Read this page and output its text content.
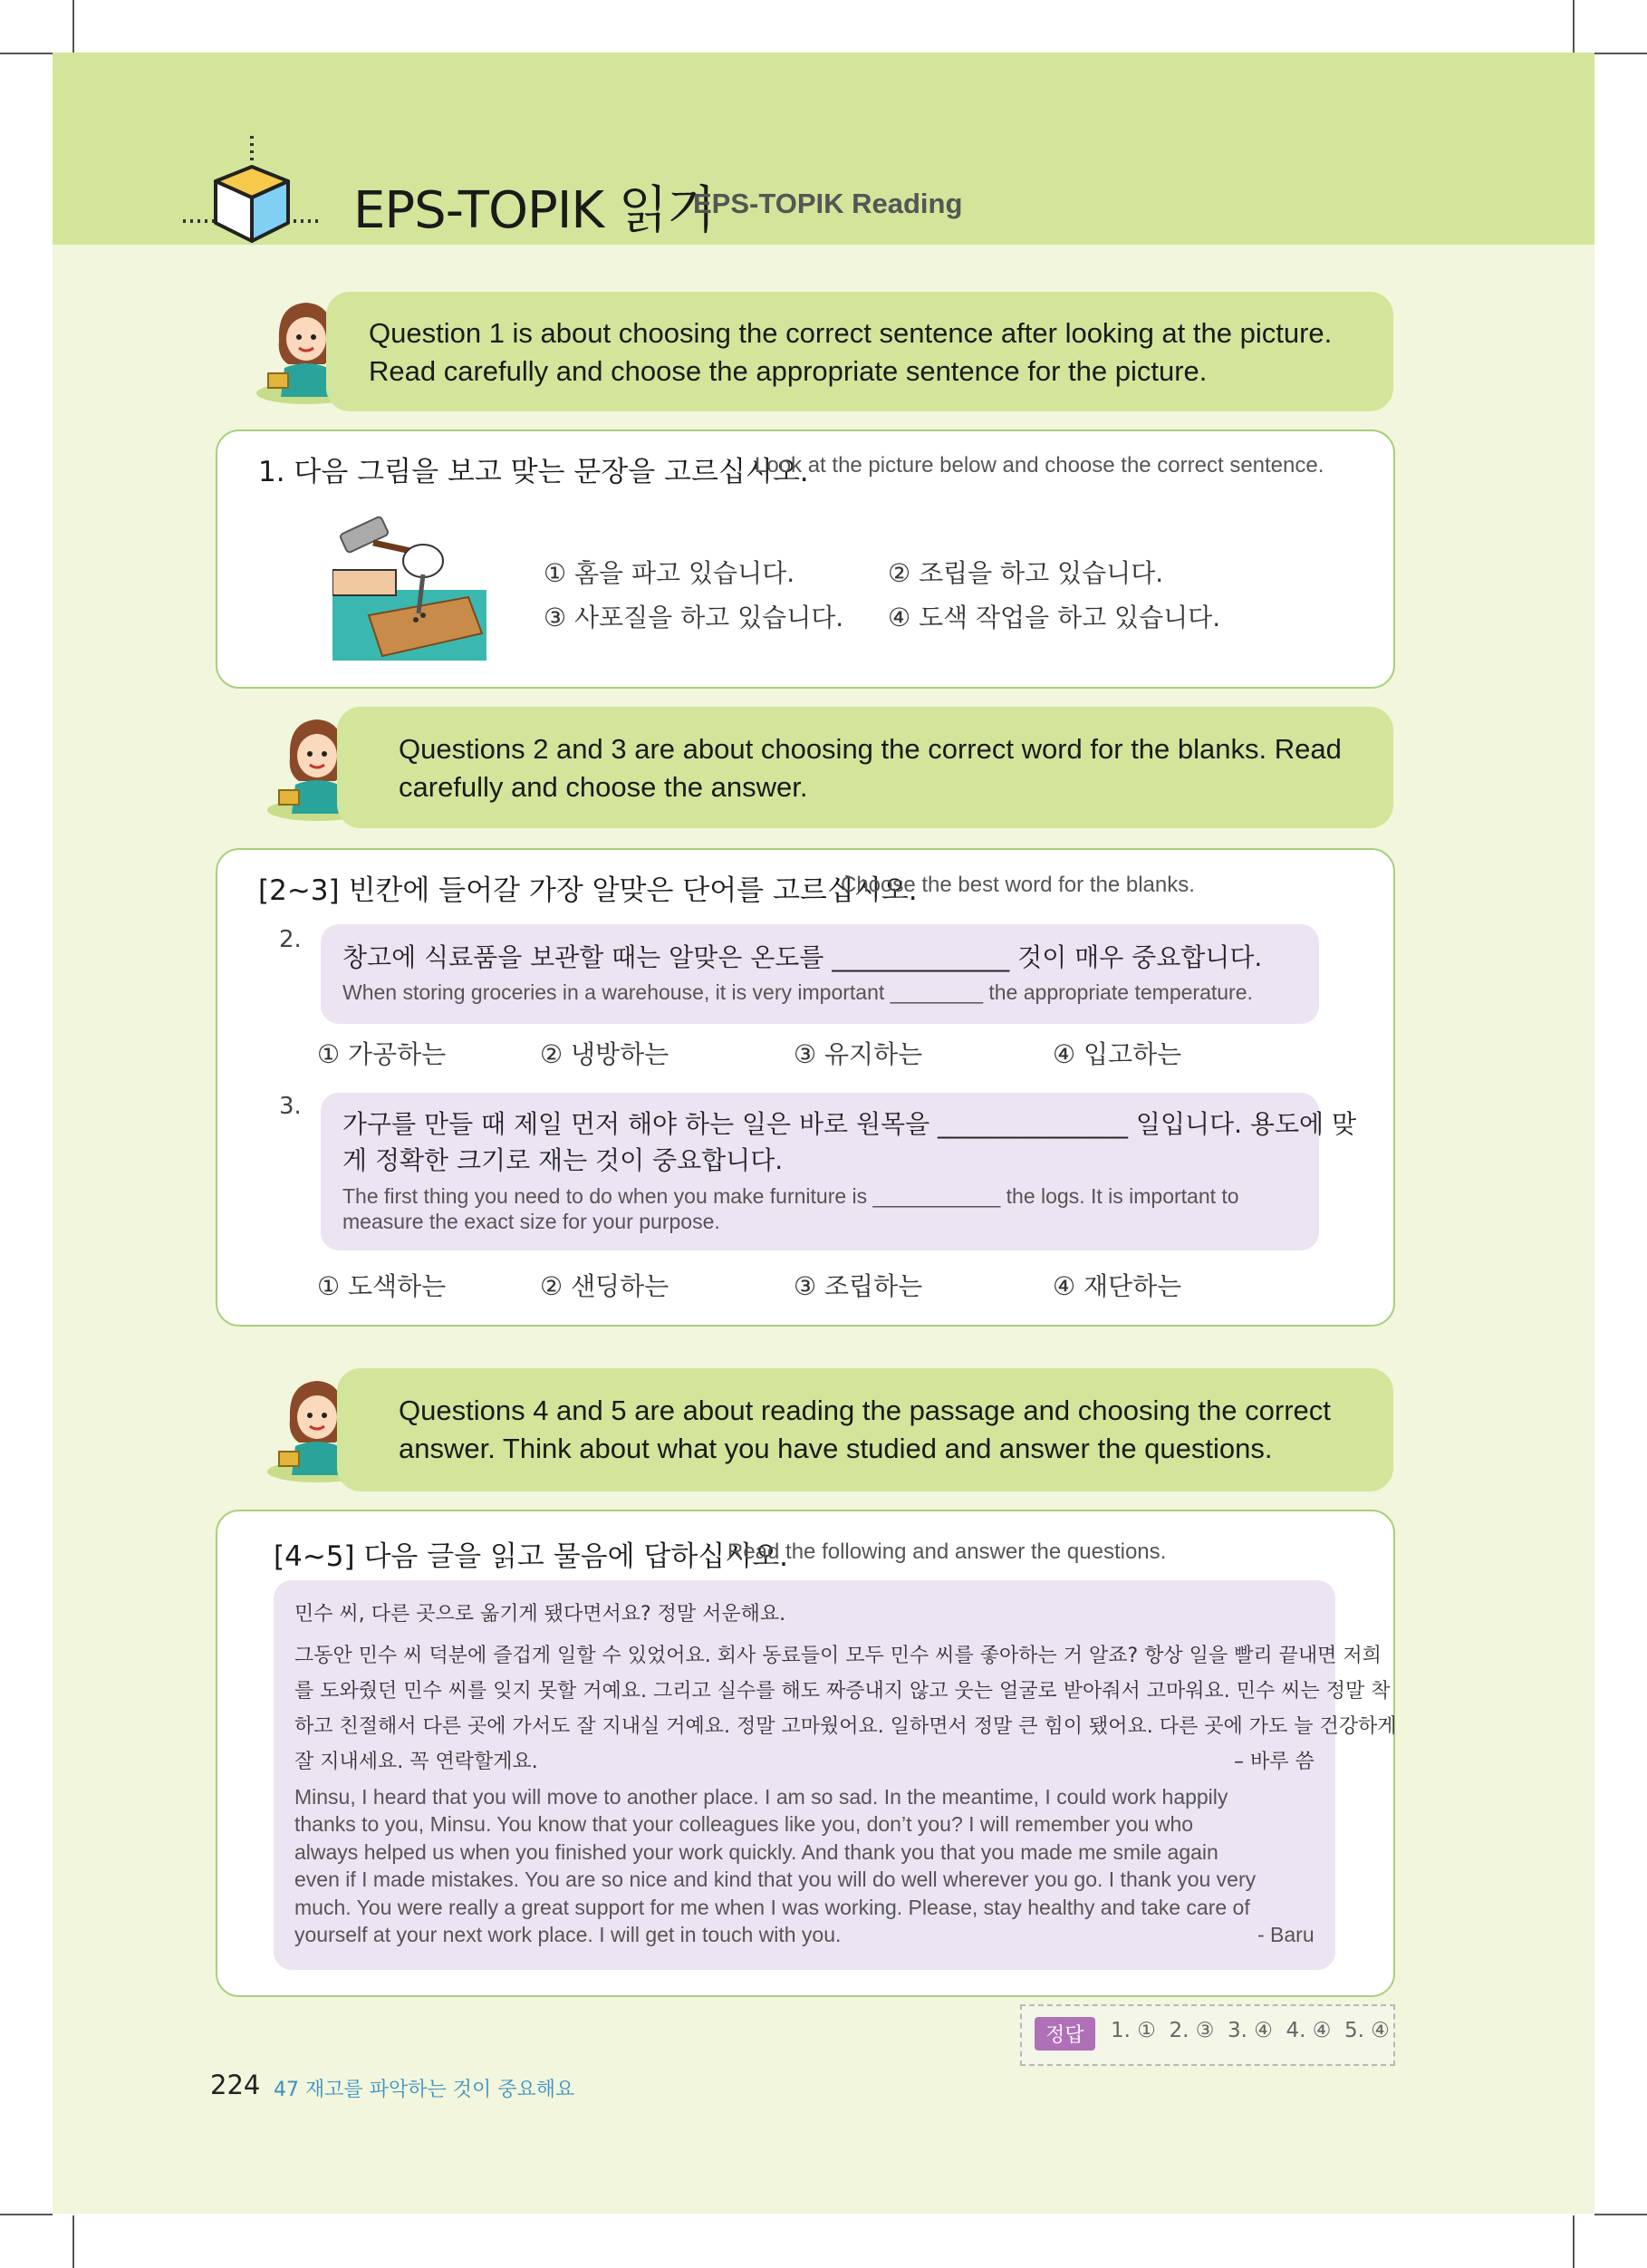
EPS-TOPIK 읽기
EPS-TOPIK Reading
Question 1 is about choosing the correct sentence after looking at the picture.
Read carefully and choose the appropriate sentence for the picture.
1. 다음 그림을 보고 맞는 문장을 고르십시오.
Look at the picture below and choose the correct sentence.
① 홈을 파고 있습니다.	② 조립을 하고 있습니다.
③ 사포질을 하고 있습니다. ④ 도색 작업을 하고 있습니다.
Questions 2 and 3 are about choosing the correct word for the blanks. Read
carefully and choose the answer.
[2~3] 빈칸에 들어갈 가장 알맞은 단어를 고르십시오.
Choose the best word for the blanks.
2.
창고에 식료품을 보관할 때는 알맞은 온도를 ______________ 것이 매우 중요합니다.
When storing groceries in a warehouse, it is very important ________ the appropriate temperature.
① 가공하는	② 냉방하는	③ 유지하는	④ 입고하는
3.
가구를 만들 때 제일 먼저 해야 하는 일은 바로 원목을 _______________ 일입니다. 용도에 맞
게 정확한 크기로 재는 것이 중요합니다.
The first thing you need to do when you make furniture is ___________ the logs. It is important to
measure the exact size for your purpose.
① 도색하는	② 샌딩하는	③ 조립하는	④ 재단하는
Questions 4 and 5 are about reading the passage and choosing the correct
answer. Think about what you have studied and answer the questions.
[4~5] 다음 글을 읽고 물음에 답하십시오.
Read the following and answer the questions.
민수 씨, 다른 곳으로 옮기게 됐다면서요? 정말 서운해요.
그동안 민수 씨 덕분에 즐겁게 일할 수 있었어요. 회사 동료들이 모두 민수 씨를 좋아하는 거 알죠? 항상 일을 빨리 끝내면 저희
를 도와줬던 민수 씨를 잊지 못할 거예요. 그리고 실수를 해도 짜증내지 않고 웃는 얼굴로 받아줘서 고마워요. 민수 씨는 정말 착
하고 친절해서 다른 곳에 가서도 잘 지내실 거예요. 정말 고마웠어요. 일하면서 정말 큰 힘이 됐어요. 다른 곳에 가도 늘 건강하게
잘 지내세요. 꼭 연락할게요.	– 바루 씀
Minsu, I heard that you will move to another place. I am so sad. In the meantime, I could work happily
thanks to you, Minsu. You know that your colleagues like you, don’t you? I will remember you who
always helped us when you finished your work quickly. And thank you that you made me smile again
even if I made mistakes. You are so nice and kind that you will do well wherever you go. I thank you very
much. You were really a great support for me when I was working. Please, stay healthy and take care of
yourself at your next work place. I will get in touch with you.	- Baru
정답	1. ①  2. ③  3. ④  4. ④  5. ④
224 47 재고를 파악하는 것이 중요해요
